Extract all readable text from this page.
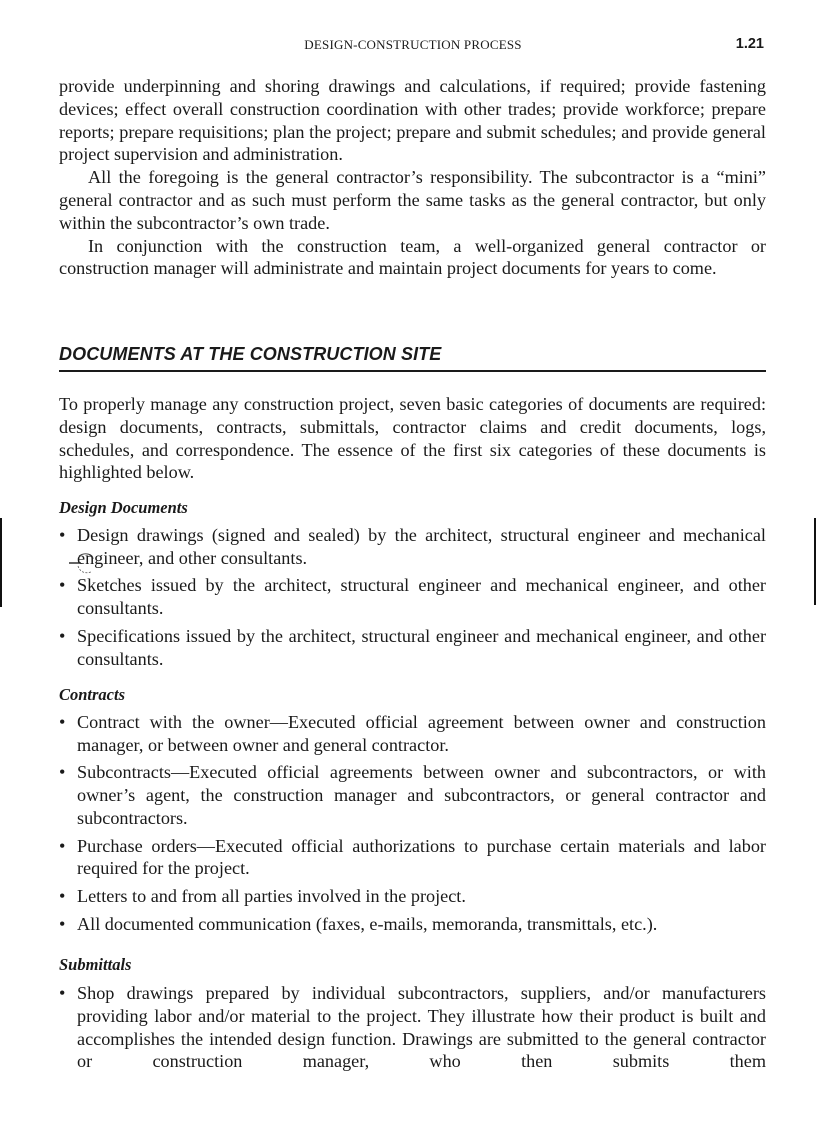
DESIGN-CONSTRUCTION PROCESS	1.21

provide underpinning and shoring drawings and calculations, if required; provide fastening devices; effect overall construction coordination with other trades; provide workforce; prepare reports; prepare requisitions; plan the project; prepare and submit schedules; and provide general project supervision and administration.

All the foregoing is the general contractor’s responsibility. The subcontractor is a “mini” general contractor and as such must perform the same tasks as the general contractor, but only within the subcontractor’s own trade.

In conjunction with the construction team, a well-organized general contractor or construction manager will administrate and maintain project documents for years to come.

DOCUMENTS AT THE CONSTRUCTION SITE

To properly manage any construction project, seven basic categories of documents are required: design documents, contracts, submittals, contractor claims and credit documents, logs, schedules, and correspondence. The essence of the first six categories of these documents is highlighted below.

Design Documents
• Design drawings (signed and sealed) by the architect, structural engineer and mechanical engineer, and other consultants.
• Sketches issued by the architect, structural engineer and mechanical engineer, and other consultants.
• Specifications issued by the architect, structural engineer and mechanical engineer, and other consultants.
Contracts
• Contract with the owner—Executed official agreement between owner and construction manager, or between owner and general contractor.
• Subcontracts—Executed official agreements between owner and subcontractors, or with owner’s agent, the construction manager and subcontractors, or general contractor and subcontractors.
• Purchase orders—Executed official authorizations to purchase certain materials and labor required for the project.
• Letters to and from all parties involved in the project.
• All documented communication (faxes, e-mails, memoranda, transmittals, etc.).
Submittals
• Shop drawings prepared by individual subcontractors, suppliers, and/or manufacturers providing labor and/or material to the project. They illustrate how their product is built and accomplishes the intended design function. Drawings are submitted to the general contractor or construction manager, who then submits them
